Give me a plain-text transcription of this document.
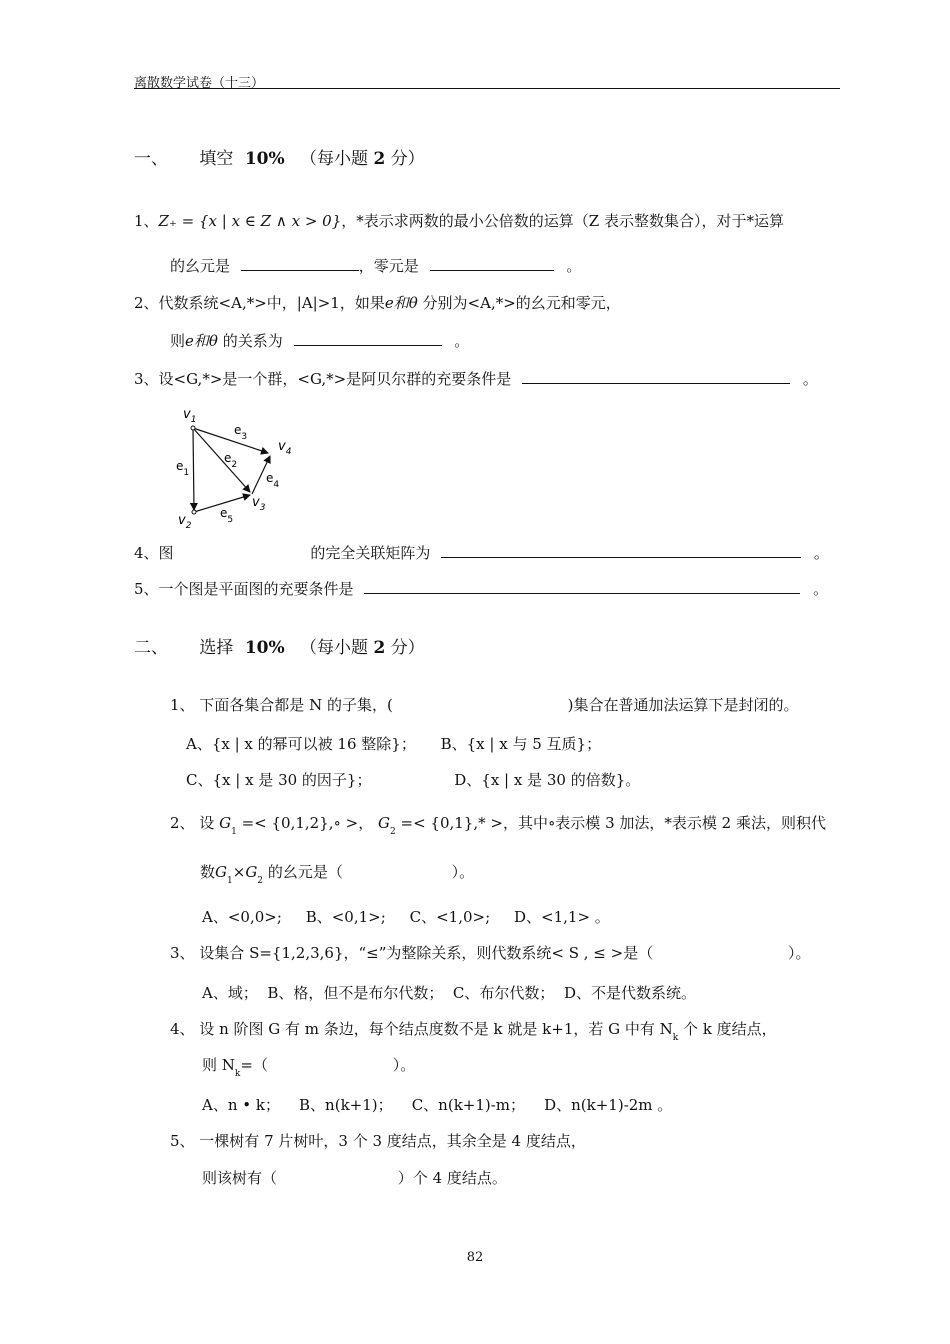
离散数学试卷（十三）
一、 填空 10% （每小题 2 分）
1、Z₊ = {x | x ∈ Z ∧ x > 0}，*表示求两数的最小公倍数的运算（Z 表示整数集合），对于*运算
的幺元是	，零元是	。
2、代数系统<A,*>中，|A|>1，如果e和θ 分别为<A,*>的幺元和零元，
则e和θ 的关系为	。
3、设<G,*>是一个群，<G,*>是阿贝尔群的充要条件是	。
$v_1$
$v_4$
$v_3$
$v_2$
$e_1$
$e_2$
$e_3$
$e_4$
$e_5$
4、图	的完全关联矩阵为	。
5、一个图是平面图的充要条件是	。
二、 选择 10% （每小题 2 分）
1、 下面各集合都是 N 的子集，(	)集合在普通加法运算下是封闭的。
A、{x | x 的幂可以被 16 整除}； B、{x | x 与 5 互质}；
C、{x | x 是 30 的因子}；	D、{x | x 是 30 的倍数}。
2、 设 $G_1$ =< {0,1,2},∘ >， $G_2 =< \{0,1\},*$ >，其中∘表示模 3 加法，*表示模 2 乘法，则积代
数$G_1\times G_2$ 的幺元是（	）。
A、<0,0>;     B、<0,1>;     C、<1,0>;     D、<1,1> 。
3、 设集合 S={1,2,3,6}，“≤”为整除关系，则代数系统< S , ≤ >是（	）。
A、域；  B、格，但不是布尔代数；  C、布尔代数；  D、不是代数系统。
4、 设 n 阶图 G 有 m 条边，每个结点度数不是 k 就是 k+1，若 G 中有 $N_k$ 个 k 度结点，
则 $N_k=$（	）。
A、n • k；    B、n(k+1)；    C、n(k+1)-m；    D、n(k+1)-2m 。
5、 一棵树有 7 片树叶，3 个 3 度结点，其余全是 4 度结点，
则该树有（	）个 4 度结点。
82
